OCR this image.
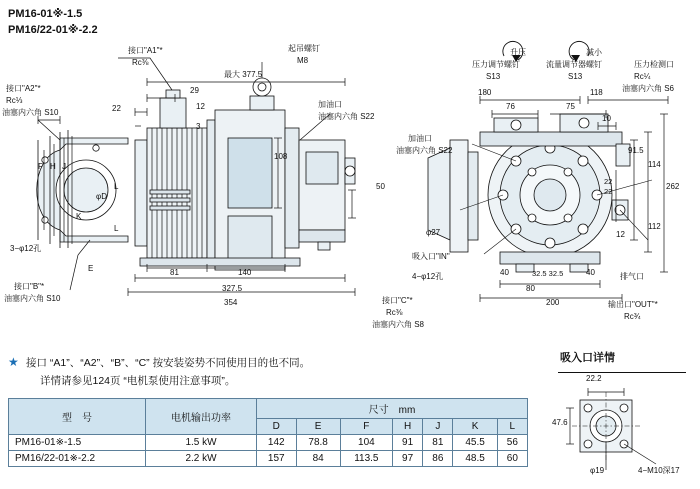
PM16-01※-1.5
PM16/22-01※-2.2
接口"A1"*
Rc⅜
接口"A2"*
Rc⅓
油塞内六角 S10
起吊螺钉
M8
最大 377.5
加油口
油塞内六角 S22
22
29
12
3
108
50
81	140
327.5
354
F H J
K
L
L
φD
E
3−φ12孔
接口"B"*
油塞内六角 S10	接口"C"*
Rc⅜
油塞内六角 S8
升压	减小
压力调节螺钉
S13
流量调节器螺钉
S13
压力检测口
Rc¼
油塞内六角 S6
180	118
76	75
10
加油口
油塞内六角 S22	91.5
114
262
22
22
112
12
φ27
吸入口"IN"
4−φ12孔	32.5 32.5
40	40
80
200
排气口
输出口"OUT"*
Rc¾
★ 接口 “A1”、“A2”、“B”、“C” 按安装姿势不同使用目的也不同。
详情请参见124页 “电机泵使用注意事项”。
吸入口详情
22.2
47.6
φ19	4−M10深17
型　号	电机输出功率	尺寸　mm						
		D	E	F	H	J	K	L
PM16-01※-1.5	1.5 kW	142	78.8	104	91	81	45.5	56
PM16/22-01※-2.2	2.2 kW	157	84	113.5	97	86	48.5	60
